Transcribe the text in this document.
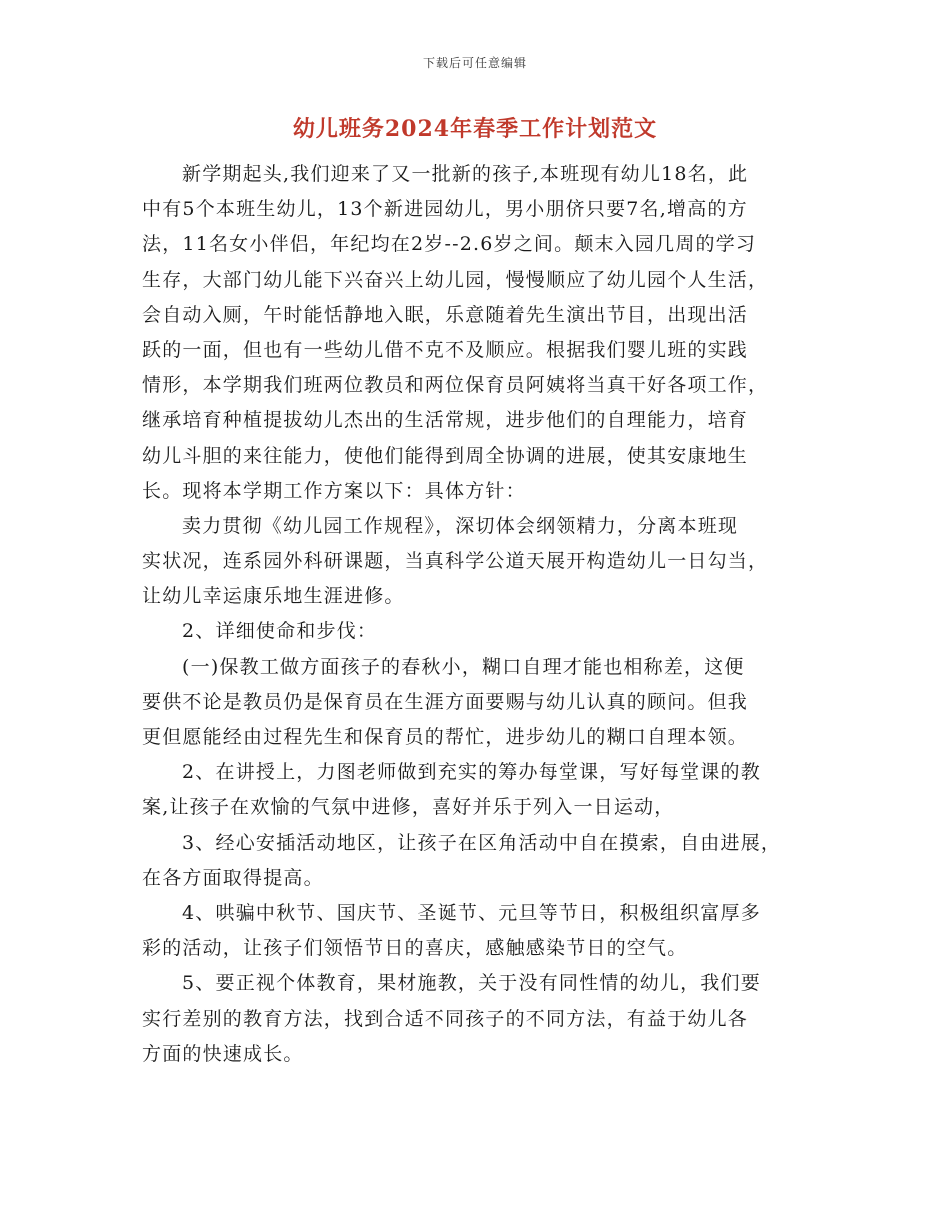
下载后可任意编辑
幼儿班务2024年春季工作计划范文
新学期起头,我们迎来了又一批新的孩子,本班现有幼儿18名，此
中有5个本班生幼儿，13个新进园幼儿，男小朋侪只要7名,增高的方
法，11名女小伴侣，年纪均在2岁--2.6岁之间。颠末入园几周的学习
生存，大部门幼儿能下兴奋兴上幼儿园，慢慢顺应了幼儿园个人生活，
会自动入厕，午时能恬静地入眠，乐意随着先生演出节目，出现出活
跃的一面，但也有一些幼儿借不克不及顺应。根据我们婴儿班的实践
情形，本学期我们班两位教员和两位保育员阿姨将当真干好各项工作，
继承培育种植提拔幼儿杰出的生活常规，进步他们的自理能力，培育
幼儿斗胆的来往能力，使他们能得到周全协调的进展，使其安康地生
长。现将本学期工作方案以下：具体方针：
卖力贯彻《幼儿园工作规程》，深切体会纲领精力，分离本班现
实状况，连系园外科研课题，当真科学公道天展开构造幼儿一日勾当，
让幼儿幸运康乐地生涯进修。
2、详细使命和步伐：
(一)保教工做方面孩子的春秋小，糊口自理才能也相称差，这便
要供不论是教员仍是保育员在生涯方面要赐与幼儿认真的顾问。但我
更但愿能经由过程先生和保育员的帮忙，进步幼儿的糊口自理本领。
2、在讲授上，力图老师做到充实的筹办每堂课，写好每堂课的教
案,让孩子在欢愉的气氛中进修，喜好并乐于列入一日运动，
3、经心安插活动地区，让孩子在区角活动中自在摸索，自由进展，
在各方面取得提高。
4、哄骗中秋节、国庆节、圣诞节、元旦等节日，积极组织富厚多
彩的活动，让孩子们领悟节日的喜庆，感触感染节日的空气。
5、要正视个体教育，果材施教，关于没有同性情的幼儿，我们要
实行差别的教育方法，找到合适不同孩子的不同方法，有益于幼儿各
方面的快速成长。
